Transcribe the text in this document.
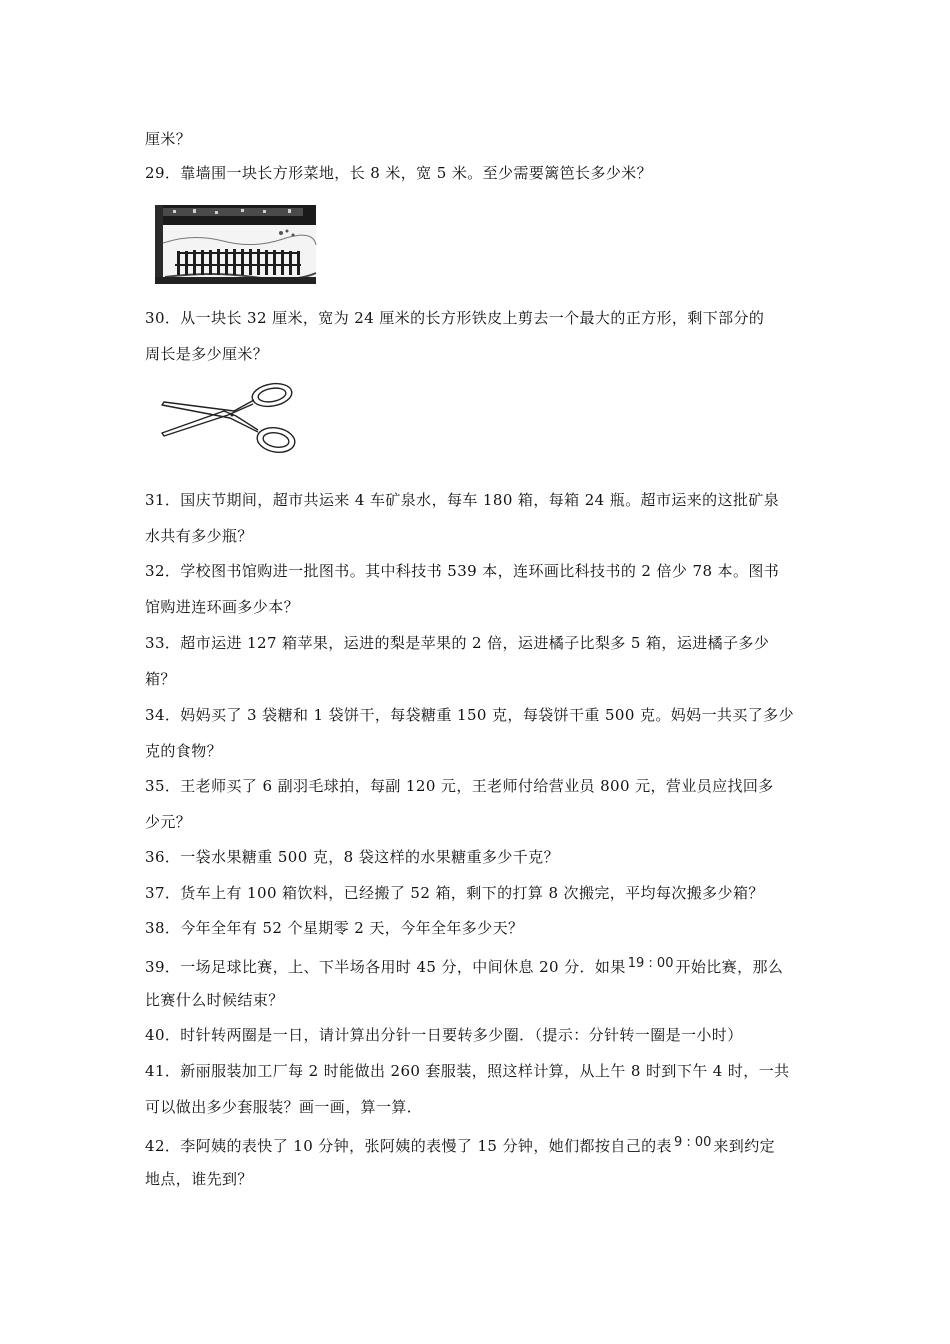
厘米？
29．靠墙围一块长方形菜地，长 8 米，宽 5 米。至少需要篱笆长多少米？
30．从一块长 32 厘米，宽为 24 厘米的长方形铁皮上剪去一个最大的正方形，剩下部分的
周长是多少厘米？
31．国庆节期间，超市共运来 4 车矿泉水，每车 180 箱，每箱 24 瓶。超市运来的这批矿泉
水共有多少瓶？
32．学校图书馆购进一批图书。其中科技书 539 本，连环画比科技书的 2 倍少 78 本。图书
馆购进连环画多少本？
33．超市运进 127 箱苹果，运进的梨是苹果的 2 倍，运进橘子比梨多 5 箱，运进橘子多少
箱？
34．妈妈买了 3 袋糖和 1 袋饼干，每袋糖重 150 克，每袋饼干重 500 克。妈妈一共买了多少
克的食物？
35．王老师买了 6 副羽毛球拍，每副 120 元，王老师付给营业员 800 元，营业员应找回多
少元？
36．一袋水果糖重 500 克，8 袋这样的水果糖重多少千克？
37．货车上有 100 箱饮料，已经搬了 52 箱，剩下的打算 8 次搬完，平均每次搬多少箱？
38．今年全年有 52 个星期零 2 天，今年全年多少天？
39．一场足球比赛，上、下半场各用时 45 分，中间休息 20 分．如果 19 : 00 开始比赛，那么
比赛什么时候结束？
40．时针转两圈是一日，请计算出分针一日要转多少圈．（提示：分针转一圈是一小时）
41．新丽服装加工厂每 2 时能做出 260 套服装，照这样计算，从上午 8 时到下午 4 时，一共
可以做出多少套服装？画一画，算一算．
42．李阿姨的表快了 10 分钟，张阿姨的表慢了 15 分钟，她们都按自己的表 9 : 00 来到约定
地点，谁先到？
